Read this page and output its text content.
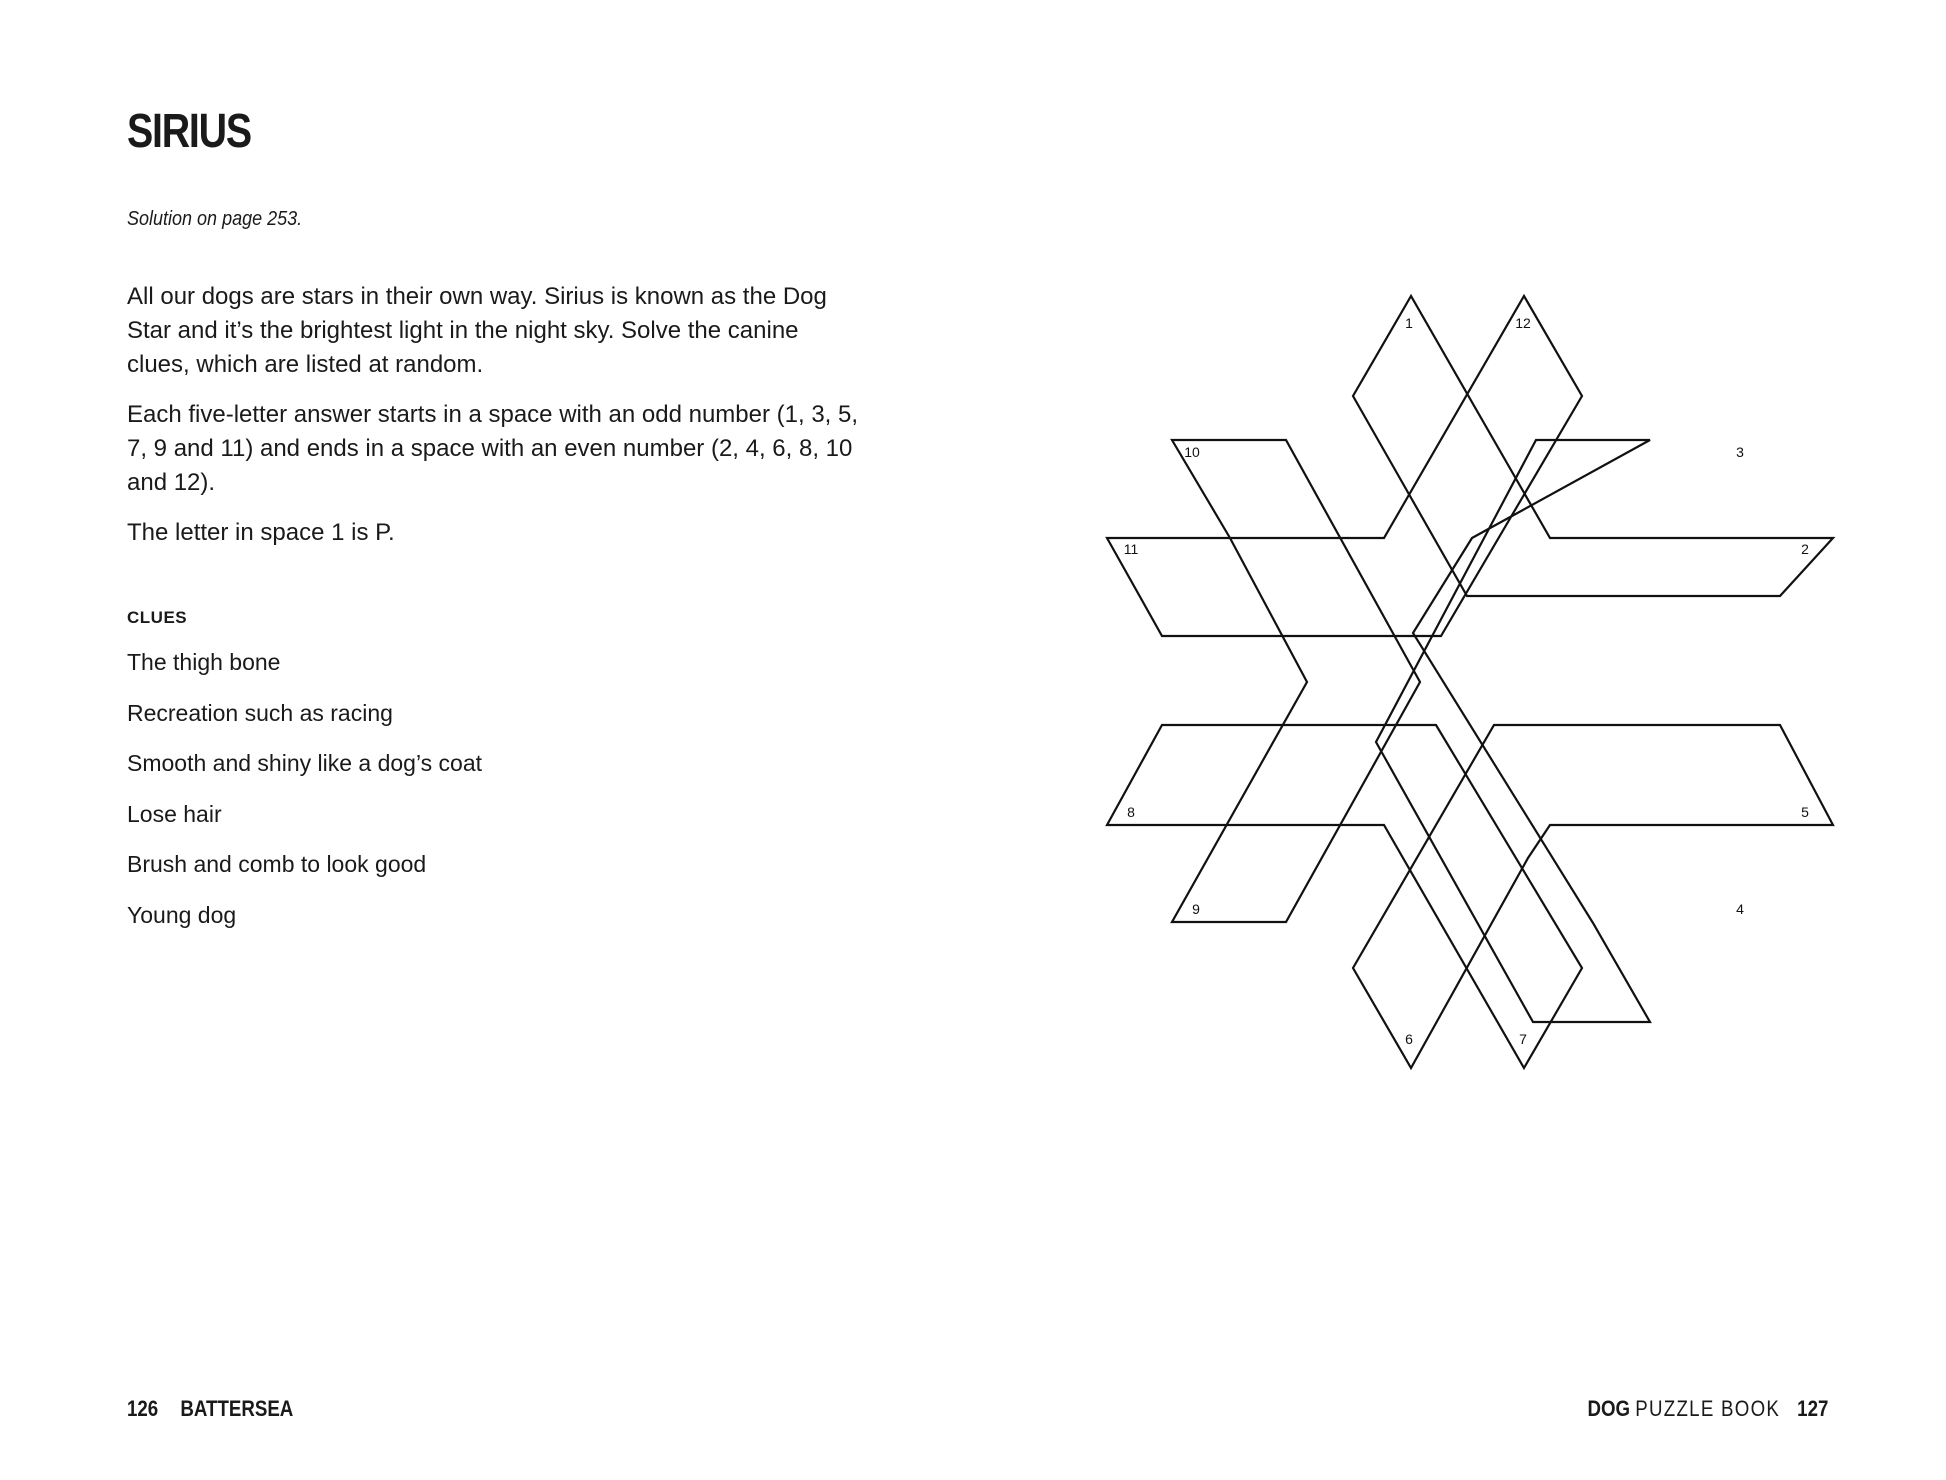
SIRIUS

Solution on page 253.

All our dogs are stars in their own way. Sirius is known as the Dog Star and it’s the brightest light in the night sky. Solve the canine clues, which are listed at random.

Each five-letter answer starts in a space with an odd number (1, 3, 5, 7, 9 and 11) and ends in a space with an even number (2, 4, 6, 8, 10 and 12).

The letter in space 1 is P.

CLUES
The thigh bone
Recreation such as racing
Smooth and shiny like a dog’s coat
Lose hair
Brush and comb to look good
Young dog
1	12
10	3
11	2
8	5
9	4
6	7
126 BATTERSEA	DOG PUZZLE BOOK 127
